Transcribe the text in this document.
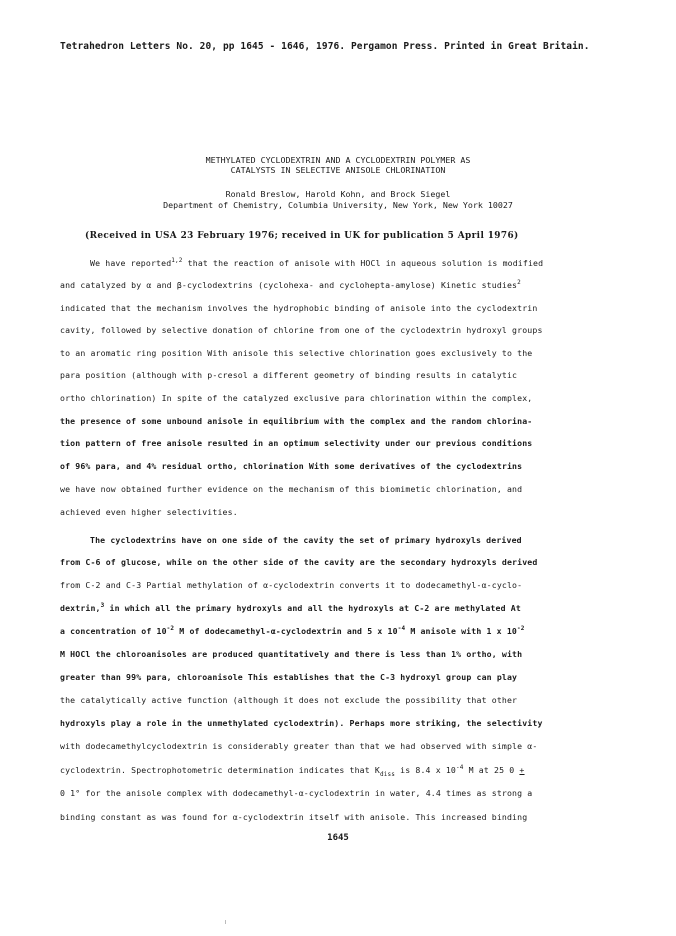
Tetrahedron Letters No. 20, pp 1645 - 1646, 1976. Pergamon Press. Printed in Great Britain.
METHYLATED CYCLODEXTRIN AND A CYCLODEXTRIN POLYMER AS
CATALYSTS IN SELECTIVE ANISOLE CHLORINATION
Ronald Breslow, Harold Kohn, and Brock Siegel
Department of Chemistry, Columbia University, New York, New York 10027
(Received in USA 23 February 1976; received in UK for publication 5 April 1976)
We have reported$^{1,2}$ that the reaction of anisole with HOCl in aqueous solution is modified
and catalyzed by α and β-cyclodextrins (cyclohexa- and cyclohepta-amylose) Kinetic studies$^2$
indicated that the mechanism involves the hydrophobic binding of anisole into the cyclodextrin
cavity, followed by selective donation of chlorine from one of the cyclodextrin hydroxyl groups
to an aromatic ring position With anisole this selective chlorination goes exclusively to the
para position (although with p-cresol a different geometry of binding results in catalytic
ortho chlorination) In spite of the catalyzed exclusive para chlorination within the complex,
the presence of some unbound anisole in equilibrium with the complex and the random chlorina-
tion pattern of free anisole resulted in an optimum selectivity under our previous conditions
of 96% para, and 4% residual ortho, chlorination With some derivatives of the cyclodextrins
we have now obtained further evidence on the mechanism of this biomimetic chlorination, and
achieved even higher selectivities.
The cyclodextrins have on one side of the cavity the set of primary hydroxyls derived
from C-6 of glucose, while on the other side of the cavity are the secondary hydroxyls derived
from C-2 and C-3 Partial methylation of α-cyclodextrin converts it to dodecamethyl-α-cyclo-
dextrin,$^3$ in which all the primary hydroxyls and all the hydroxyls at C-2 are methylated At
a concentration of $10^{-2}$ M of dodecamethyl-α-cyclodextrin and 5 x $10^{-4}$ M anisole with 1 x $10^{-2}$
M HOCl the chloroanisoles are produced quantitatively and there is less than 1% ortho, with
greater than 99% para, chloroanisole This establishes that the C-3 hydroxyl group can play
the catalytically active function (although it does not exclude the possibility that other
hydroxyls play a role in the unmethylated cyclodextrin). Perhaps more striking, the selectivity
with dodecamethylcyclodextrin is considerably greater than that we had observed with simple α-
cyclodextrin. Spectrophotometric determination indicates that $K_{diss}$ is 8.4 x $10^{-4}$ M at 25 0 +
0 1° for the anisole complex with dodecamethyl-α-cyclodextrin in water, 4.4 times as strong a
binding constant as was found for α-cyclodextrin itself with anisole. This increased binding
1645
